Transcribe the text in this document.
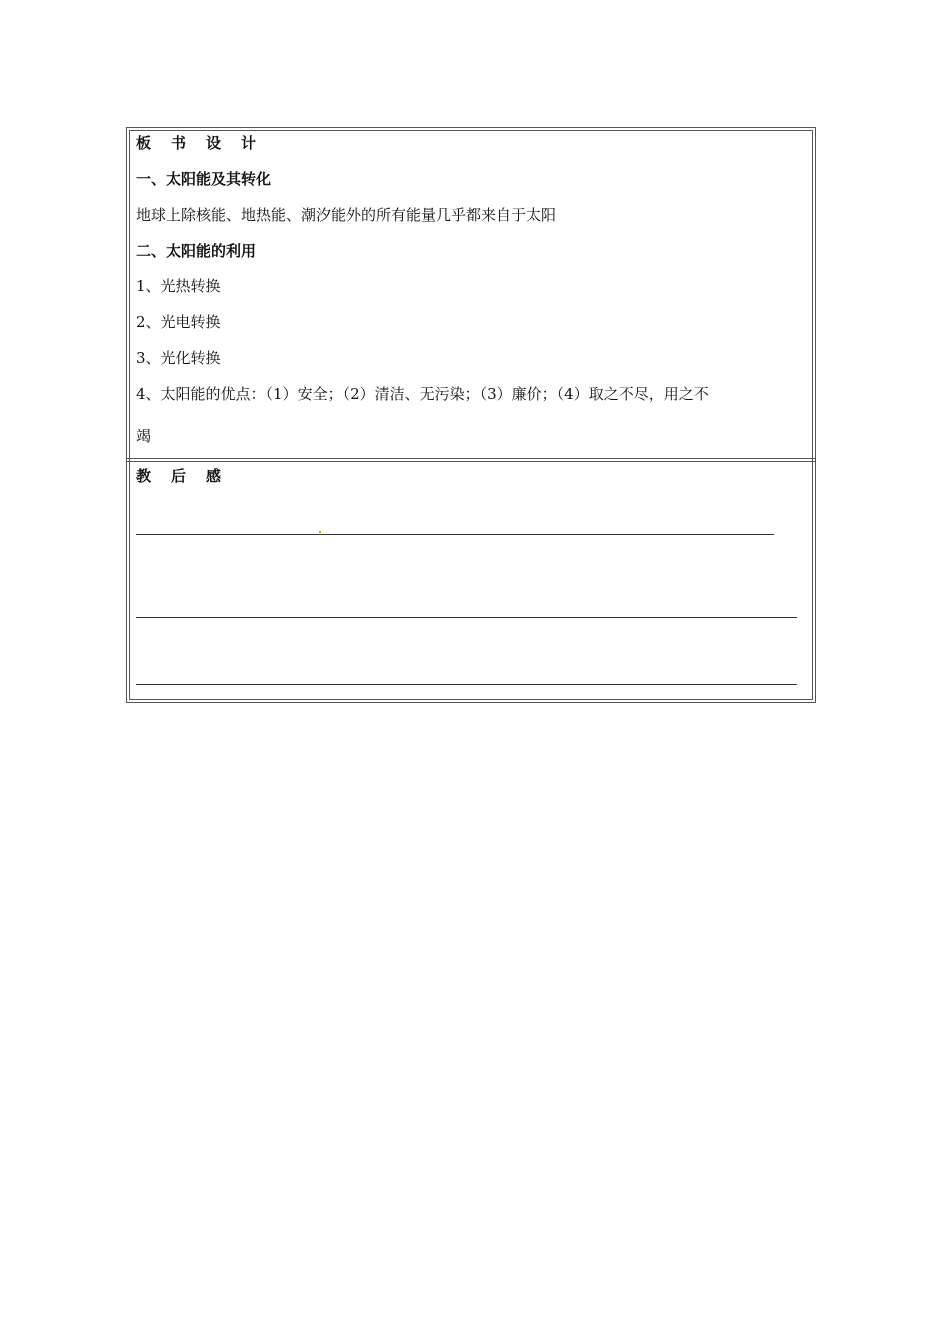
板书设计
一、太阳能及其转化
地球上除核能、地热能、潮汐能外的所有能量几乎都来自于太阳
二、太阳能的利用
1、光热转换
2、光电转换
3、光化转换
4、太阳能的优点：（1）安全；（2）清洁、无污染；（3）廉价；（4）取之不尽，用之不
竭
教后感
